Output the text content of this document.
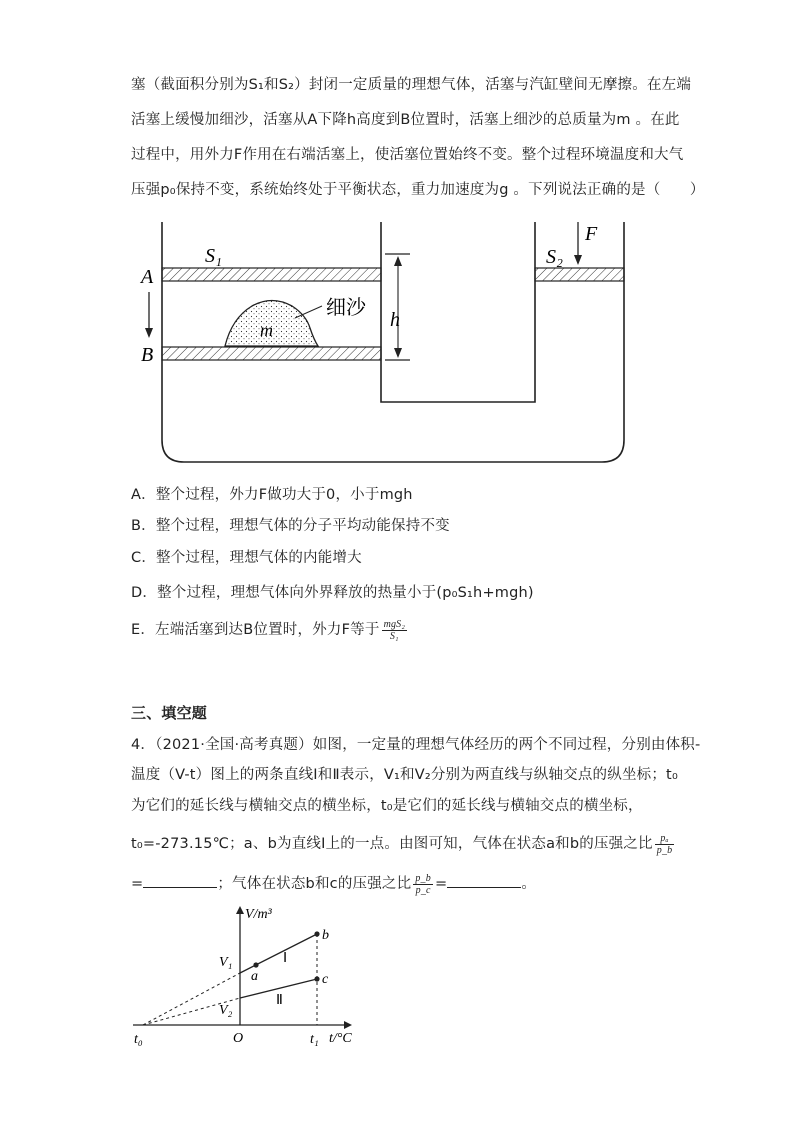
塞（截面积分别为S₁和S₂）封闭一定质量的理想气体，活塞与汽缸壁间无摩擦。在左端
活塞上缓慢加细沙，活塞从A下降h高度到B位置时，活塞上细沙的总质量为m 。在此
过程中，用外力F作用在右端活塞上，使活塞位置始终不变。整个过程环境温度和大气
压强p₀保持不变，系统始终处于平衡状态，重力加速度为g 。下列说法正确的是（　　）
S₁	S₂
F
A
B
h
m
细沙
A．整个过程，外力F做功大于0，小于mgh
B．整个过程，理想气体的分子平均动能保持不变
C．整个过程，理想气体的内能增大
D．整个过程，理想气体向外界释放的热量小于(p₀S₁h+mgh)
E．左端活塞到达B位置时，外力F等于 $\frac{\text{mgS₂}}{\text{S₁}}$
三、填空题
4．（2021·全国·高考真题）如图，一定量的理想气体经历的两个不同过程，分别由体积-
温度（V-t）图上的两条直线Ⅰ和Ⅱ表示，V₁和V₂分别为两直线与纵轴交点的纵坐标；t₀
为它们的延长线与横轴交点的横坐标，t₀是它们的延长线与横轴交点的横坐标，
t₀=-273.15℃；a、b为直线Ⅰ上的一点。由图可知，气体在状态a和b的压强之比 $\frac{\text{pₐ}}{p\_b}$
=	；气体在状态b和c的压强之比 $\frac{p\_b}{p\_c}$ =	。
V/m³
t/°C
O
t₀	t₁
V₁
V₂
a
b
c
Ⅰ
Ⅱ
